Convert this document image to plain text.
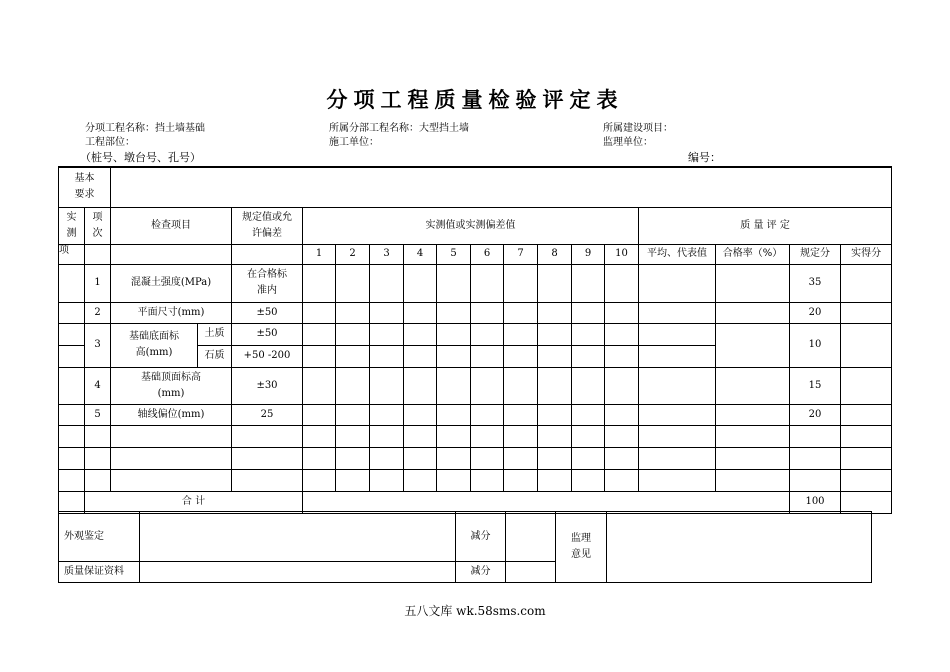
分项工程质量检验评定表
分项工程名称：挡土墙基础	所属分部工程名称：大型挡土墙	所属建设项目：
工程部位：	施工单位：	监理单位：
（桩号、墩台号、孔号）	编号：
基本要求																		

实测	项次	检查项目		规定值或允许偏差	实测值或实测偏差值										质 量 评 定			
项					1	2	3	4	5	6	7	8	9	10	平均、代表值	合格率（%）	规定分	实得分
	1	混凝土强度(MPa)		在合格标准内													35	
	2	平面尺寸(mm)		±50													20	
	3	基础底面标高(mm)	土质	±50													10	
			石质	+50 -200														
	4	基础顶面标高(mm)		±30													15	
	5	轴线偏位(mm)		25													20	

	合 计																100	
外观鉴定		减分		监理意见	

质量保证资料		减分			
五八文库 wk.58sms.com
